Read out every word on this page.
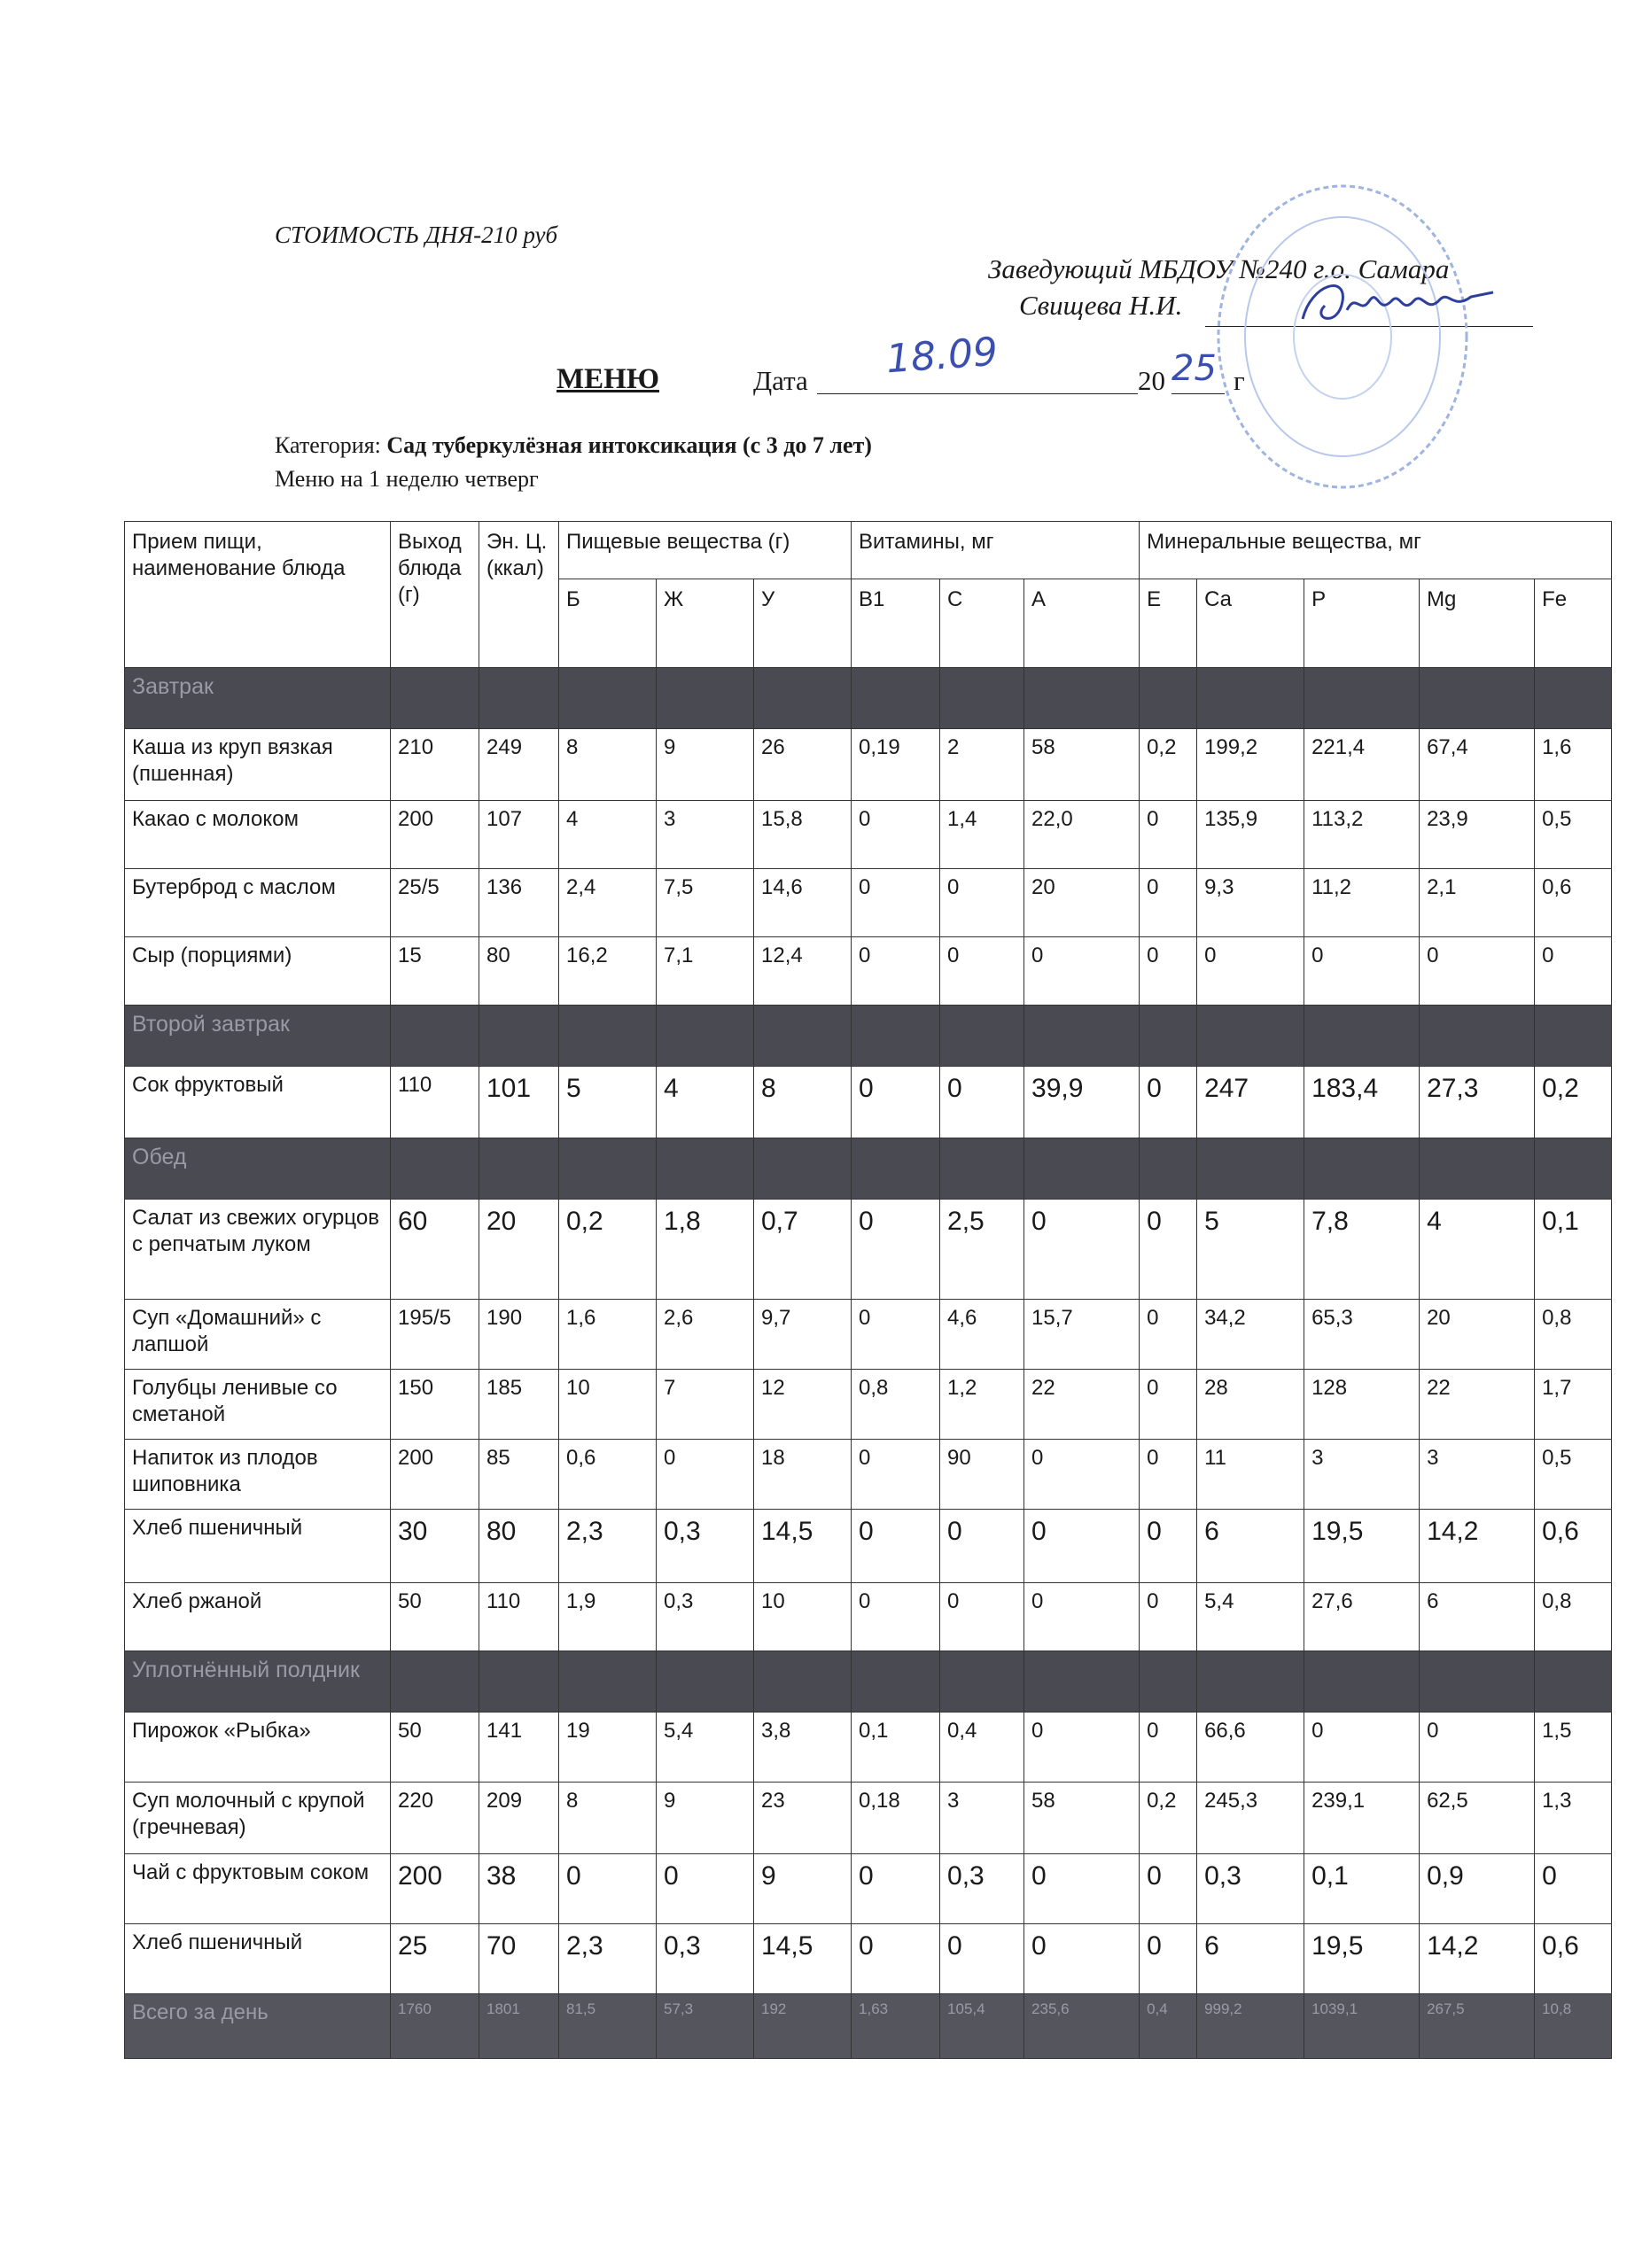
СТОИМОСТЬ ДНЯ-210 руб
Заведующий МБДОУ №240 г.о. Самара
Свищева Н.И.
МЕНЮ	Дата 18.09	20 25 г
Категория: Сад туберкулёзная интоксикация (с 3 до 7 лет)
Меню на 1 неделю четверг
Прием пищи, наименование блюда	Выход блюда (г)	Эн. Ц.(ккал)	Пищевые вещества (г)			Витамины, мг			Минеральные вещества, мг				
			Б	Ж	У	В1	С	А	Е	Са	Р	Mg	Fe
Завтрак													
Каша из круп вязкая (пшенная)	210	249	8	9	26	0,19	2	58	0,2	199,2	221,4	67,4	1,6
Какао с молоком	200	107	4	3	15,8	0	1,4	22,0	0	135,9	113,2	23,9	0,5
Бутерброд с маслом	25/5	136	2,4	7,5	14,6	0	0	20	0	9,3	11,2	2,1	0,6
Сыр (порциями)	15	80	16,2	7,1	12,4	0	0	0	0	0	0	0	0
Второй завтрак													
Сок фруктовый	110	101	5	4	8	0	0	39,9	0	247	183,4	27,3	0,2
Обед													
Салат из свежих огурцов с репчатым луком	60	20	0,2	1,8	0,7	0	2,5	0	0	5	7,8	4	0,1
Суп «Домашний» с лапшой	195/5	190	1,6	2,6	9,7	0	4,6	15,7	0	34,2	65,3	20	0,8
Голубцы ленивые со сметаной	150	185	10	7	12	0,8	1,2	22	0	28	128	22	1,7
Напиток из плодов шиповника	200	85	0,6	0	18	0	90	0	0	11	3	3	0,5
Хлеб пшеничный	30	80	2,3	0,3	14,5	0	0	0	0	6	19,5	14,2	0,6
Хлеб ржаной	50	110	1,9	0,3	10	0	0	0	0	5,4	27,6	6	0,8
Уплотнённый полдник													
Пирожок «Рыбка»	50	141	19	5,4	3,8	0,1	0,4	0	0	66,6	0	0	1,5
Суп молочный с крупой (гречневая)	220	209	8	9	23	0,18	3	58	0,2	245,3	239,1	62,5	1,3
Чай с фруктовым соком	200	38	0	0	9	0	0,3	0	0	0,3	0,1	0,9	0
Хлеб пшеничный	25	70	2,3	0,3	14,5	0	0	0	0	6	19,5	14,2	0,6
Всего за день	1760	1801	81,5	57,3	192	1,63	105,4	235,6	0,4	999,2	1039,1	267,5	10,8
